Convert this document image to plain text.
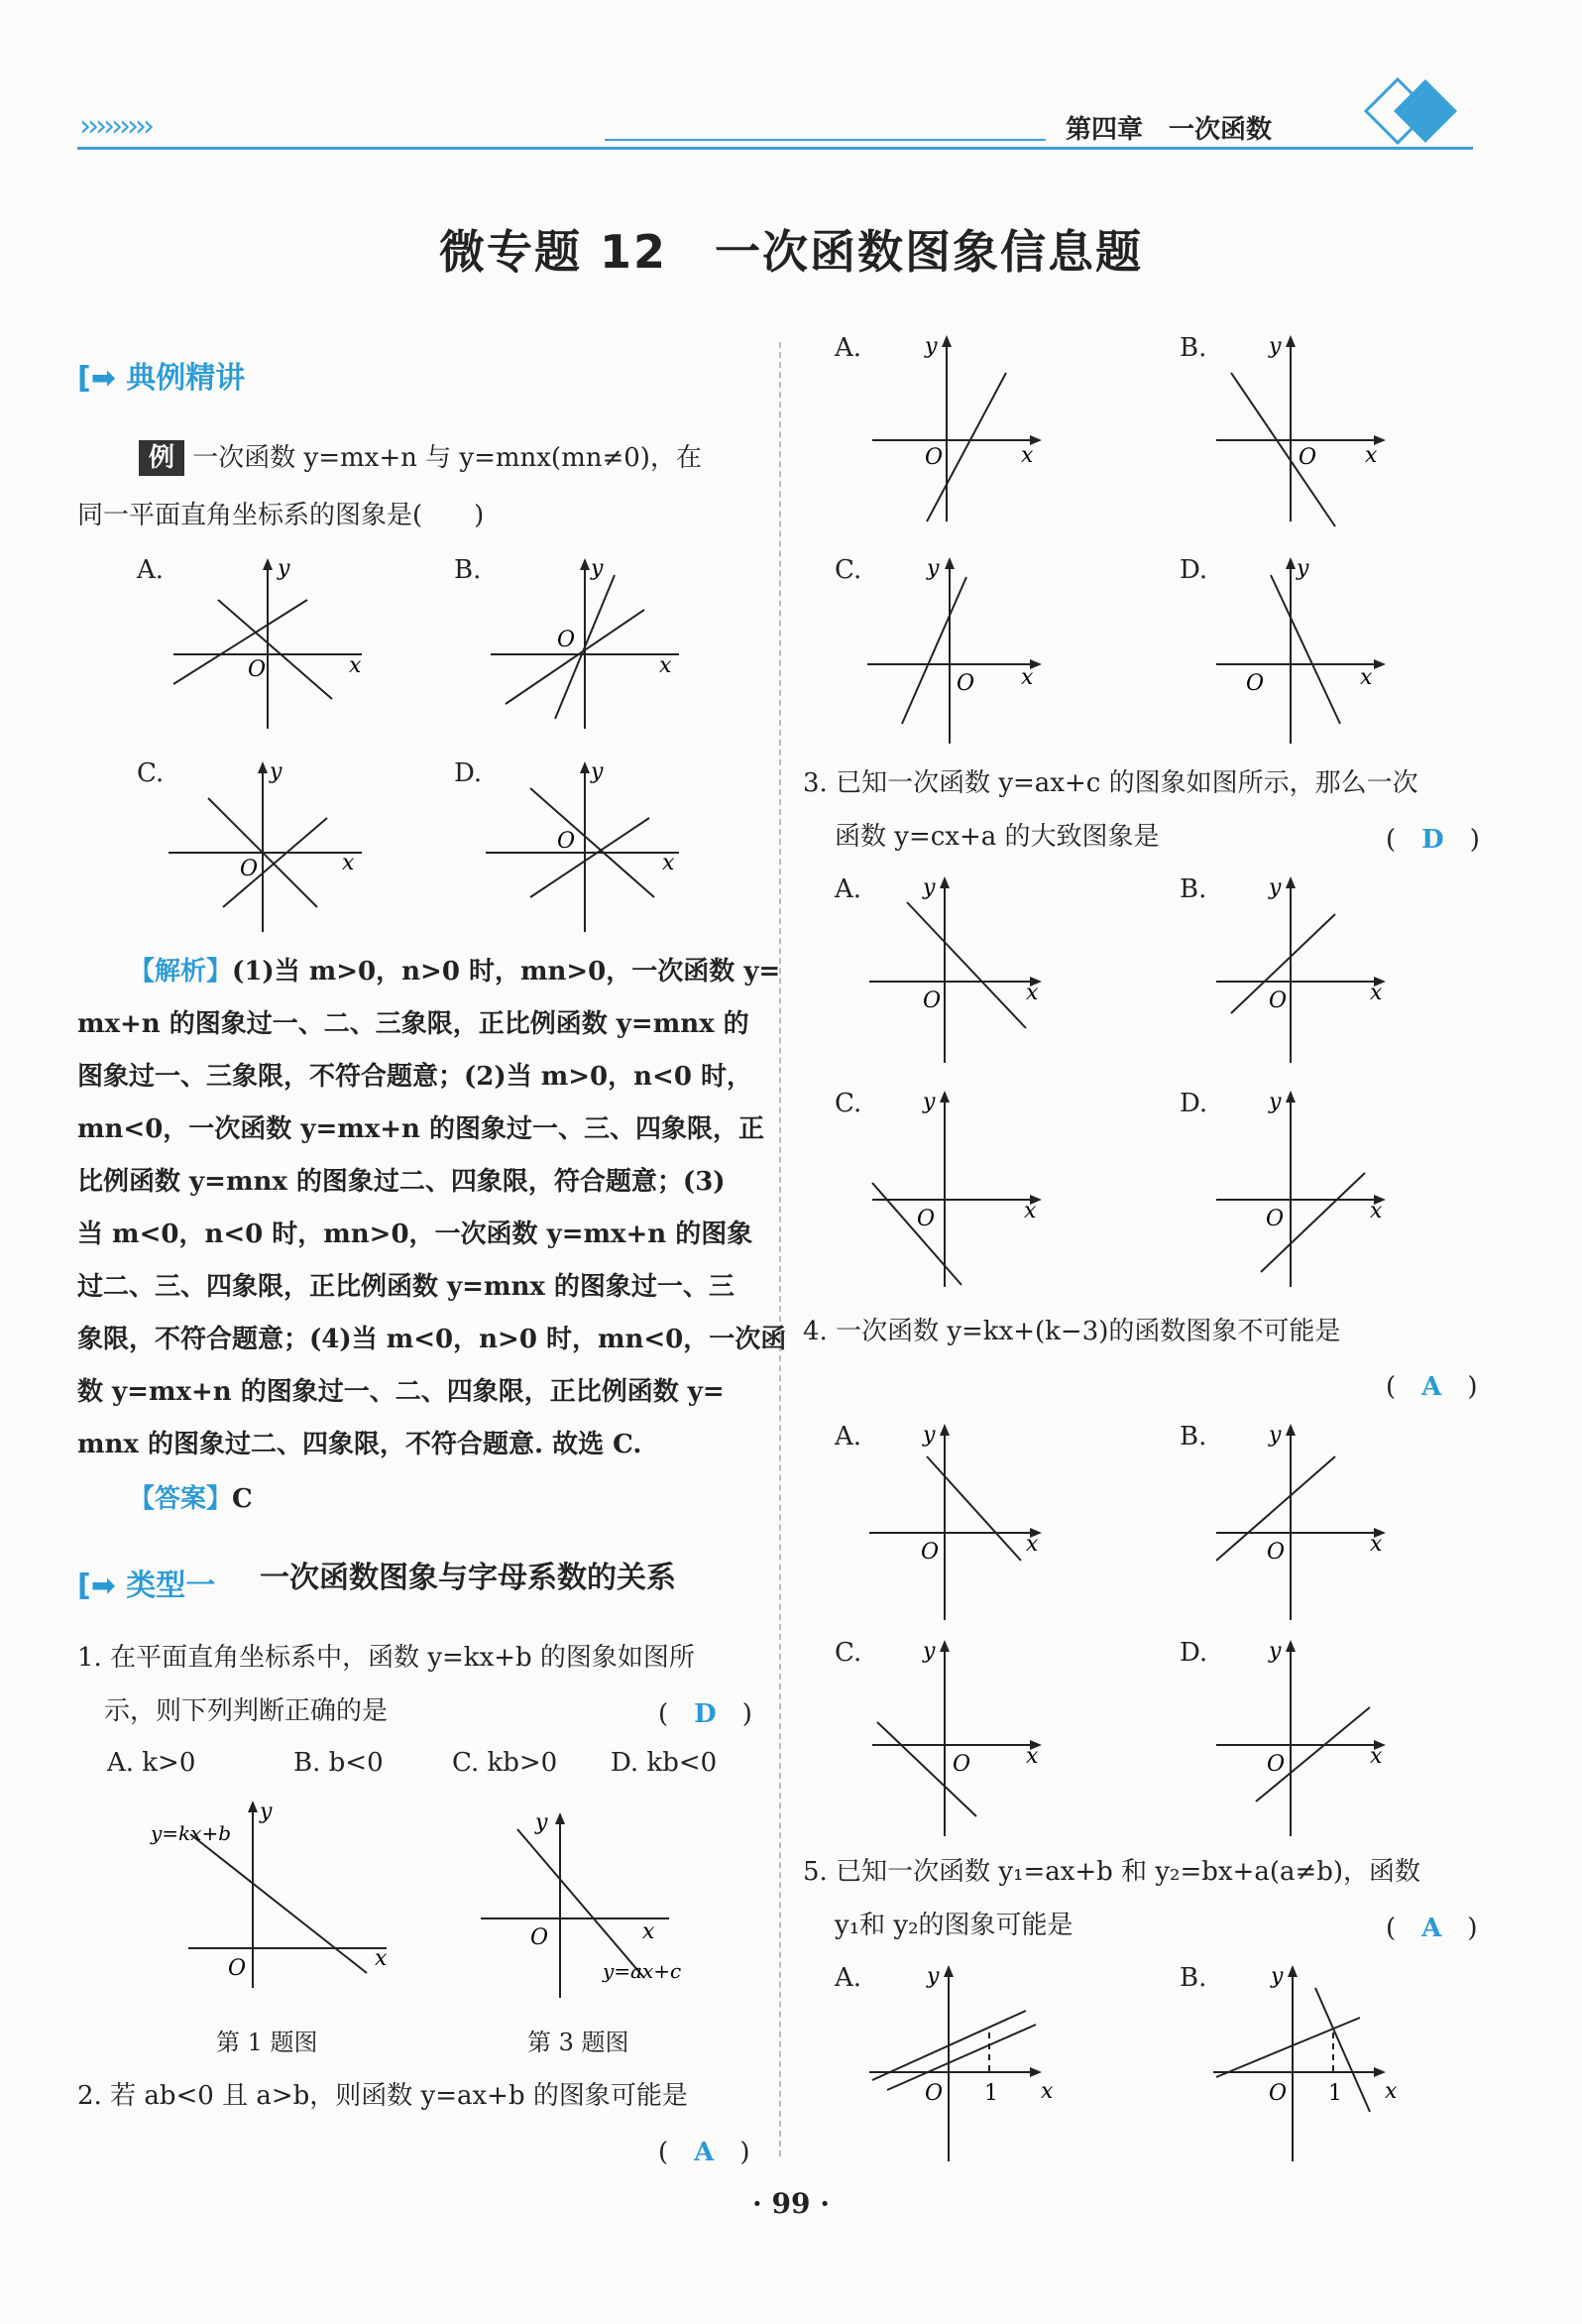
›››››››››	第四章　一次函数
微专题 12　一次函数图象信息题
[➡ 典例精讲
例 一次函数 y=mx+n 与 y=mnx(mn≠0)，在
同一平面直角坐标系的图象是(　　)
A.	y
x
O
B.	y
x
O
C.	y
x
O
D.	y
x
O
【解析】(1)当 m>0，n>0 时，mn>0，一次函数 y=
mx+n 的图象过一、二、三象限，正比例函数 y=mnx 的
图象过一、三象限，不符合题意；(2)当 m>0，n<0 时，
mn<0，一次函数 y=mx+n 的图象过一、三、四象限，正
比例函数 y=mnx 的图象过二、四象限，符合题意；(3)
当 m<0，n<0 时，mn>0，一次函数 y=mx+n 的图象
过二、三、四象限，正比例函数 y=mnx 的图象过一、三
象限，不符合题意；(4)当 m<0，n>0 时，mn<0，一次函
数 y=mx+n 的图象过一、二、四象限，正比例函数 y=
mnx 的图象过二、四象限，不符合题意. 故选 C.
【答案】C
[➡ 类型一 一次函数图象与字母系数的关系
1. 在平面直角坐标系中，函数 y=kx+b 的图象如图所
示，则下列判断正确的是	(　D　)
A. k>0	B. b<0	C. kb>0 D. kb<0
y
x
O
y=kx+b
第 1 题图
y
x
O
y=ax+c
第 3 题图
2. 若 ab<0 且 a>b，则函数 y=ax+b 的图象可能是
(　A　)
A.	y
x
O
B.	y
x
O
C.	y
x
O
D.	y
x
O
3. 已知一次函数 y=ax+c 的图象如图所示，那么一次
函数 y=cx+a 的大致图象是	(　D　)
A.	y
x
O
B.	y
x
O
C.	y
x
O
D.	y
x
O
4. 一次函数 y=kx+(k−3)的函数图象不可能是
(　A　)
A.	y
x
O
B.	y
x
O
C.	y
x
O
D.	y
x
O
5. 已知一次函数 y₁=ax+b 和 y₂=bx+a(a≠b)，函数
y₁和 y₂的图象可能是	(　A　)
A.	y
x
O 1
B.	y
x
O 1
· 99 ·
